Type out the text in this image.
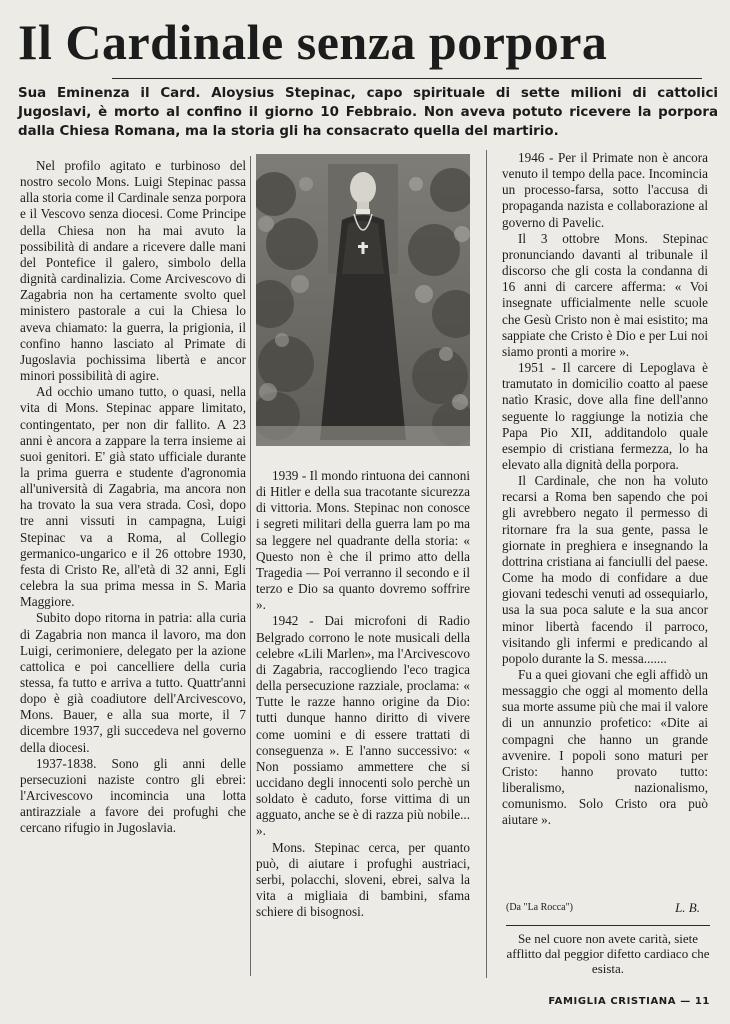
Il Cardinale senza porpora

Sua Eminenza il Card. Aloysius Stepinac, capo spirituale di sette milioni di cattolici Jugoslavi, è morto al confino il giorno 10 Febbraio. Non aveva potuto ricevere la porpora dalla Chiesa Romana, ma la storia gli ha consacrato quella del martirio.

Nel profilo agitato e turbinoso del nostro secolo Mons. Luigi Stepinac passa alla storia come il Cardinale senza porpora e il Vescovo senza diocesi. Come Principe della Chiesa non ha mai avuto la possibilità di andare a ricevere dalle mani del Pontefice il galero, simbolo della dignità cardinalizia. Come Arcivescovo di Zagabria non ha certamente svolto quel ministero pastorale a cui la Chiesa lo aveva chiamato: la guerra, la prigionia, il confino hanno lasciato al Primate di Jugoslavia pochissima libertà e ancor minori possibilità di agire.

Ad occhio umano tutto, o quasi, nella vita di Mons. Stepinac appare limitato, contingentato, per non dir fallito. A 23 anni è ancora a zappare la terra insieme ai suoi genitori. E' già stato ufficiale durante la prima guerra e studente d'agronomia all'università di Zagabria, ma ancora non ha trovato la sua vera strada. Così, dopo tre anni vissuti in campagna, Luigi Stepinac va a Roma, al Collegio germanico-ungarico e il 26 ottobre 1930, festa di Cristo Re, all'età di 32 anni, Egli celebra la sua prima messa in S. Maria Maggiore.

Subito dopo ritorna in patria: alla curia di Zagabria non manca il lavoro, ma don Luigi, cerimoniere, delegato per la azione cattolica e poi cancelliere della curia stessa, fa tutto e arriva a tutto. Quattr'anni dopo è già coadiutore dell'Arcivescovo, Mons. Bauer, e alla sua morte, il 7 dicembre 1937, gli succedeva nel governo della diocesi.

1937-1838. Sono gli anni delle persecuzioni naziste contro gli ebrei: l'Arcivescovo incomincia una lotta antirazziale a favore dei profughi che cercano rifugio in Jugoslavia.

1939 - Il mondo rintuona dei cannoni di Hitler e della sua tracotante sicurezza di vittoria. Mons. Stepinac non conosce i segreti militari della guerra lam po ma sa leggere nel quadrante della storia: « Questo non è che il primo atto della Tragedia — Poi verranno il secondo e il terzo e Dio sa quanto dovremo soffrire ».

1942 - Dai microfoni di Radio Belgrado corrono le note musicali della celebre «Lili Marlen», ma l'Arcivescovo di Zagabria, raccogliendo l'eco tragica della persecuzione razziale, proclama: « Tutte le razze hanno origine da Dio: tutti dunque hanno diritto di vivere come uomini e di essere trattati di conseguenza ». E l'anno successivo: « Non possiamo ammettere che si uccidano degli innocenti solo perchè un soldato è caduto, forse vittima di un agguato, anche se è di razza più nobile... ».

Mons. Stepinac cerca, per quanto può, di aiutare i profughi austriaci, serbi, polacchi, sloveni, ebrei, salva la vita a migliaia di bambini, sfama schiere di bisognosi.

1946 - Per il Primate non è ancora venuto il tempo della pace. Incomincia un processo-farsa, sotto l'accusa di propaganda nazista e collaborazione al governo di Pavelic.

Il 3 ottobre Mons. Stepinac pronunciando davanti al tribunale il discorso che gli costa la condanna di 16 anni di carcere afferma: « Voi insegnate ufficialmente nelle scuole che Gesù Cristo non è mai esistito; ma sappiate che Cristo è Dio e per Lui noi siamo pronti a morire ».

1951 - Il carcere di Lepoglava è tramutato in domicilio coatto al paese natìo Krasic, dove alla fine dell'anno seguente lo raggiunge la notizia che Papa Pio XII, additandolo quale esempio di cristiana fermezza, lo ha elevato alla dignità della porpora.

Il Cardinale, che non ha voluto recarsi a Roma ben sapendo che poi gli avrebbero negato il permesso di ritornare fra la sua gente, passa le giornate in preghiera e insegnando la dottrina cristiana ai fanciulli del paese. Come ha modo di confidare a due giovani tedeschi venuti ad ossequiarlo, usa la sua poca salute e la sua ancor minor libertà facendo il parroco, visitando gli infermi e predicando al popolo durante la S. messa.......

Fu a quei giovani che egli affidò un messaggio che oggi al momento della sua morte assume più che mai il valore di un annunzio profetico: «Dite ai compagni che hanno un grande avvenire. I popoli sono maturi per Cristo: hanno provato tutto: liberalismo, nazionalismo, comunismo. Solo Cristo ora può aiutare ».

(Da "La Rocca")	L. B.

Se nel cuore non avete carità, siete afflitto dal peggior difetto cardiaco che esista.

FAMIGLIA CRISTIANA — 11
